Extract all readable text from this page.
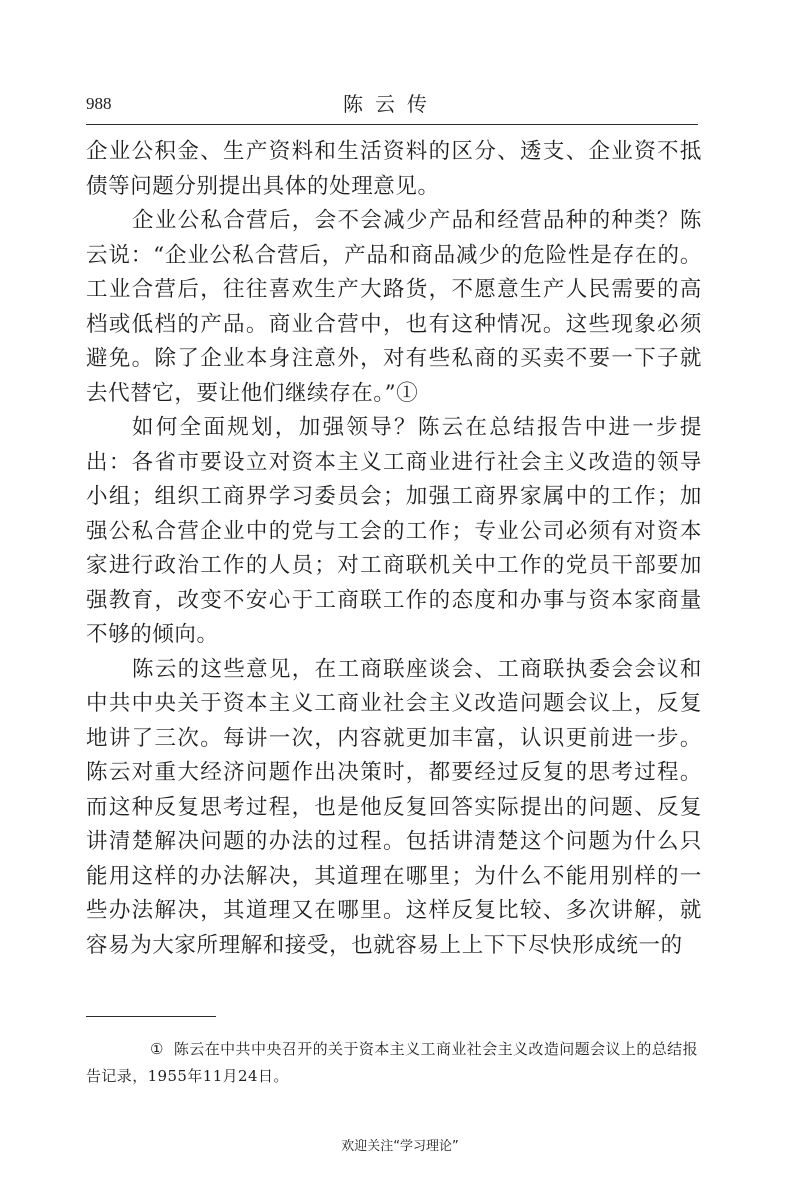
988	陈云传

企业公积金、生产资料和生活资料的区分、透支、企业资不抵债等问题分别提出具体的处理意见。

企业公私合营后，会不会减少产品和经营品种的种类？陈云说：“企业公私合营后，产品和商品减少的危险性是存在的。工业合营后，往往喜欢生产大路货，不愿意生产人民需要的高档或低档的产品。商业合营中，也有这种情况。这些现象必须避免。除了企业本身注意外，对有些私商的买卖不要一下子就去代替它，要让他们继续存在。”①

如何全面规划，加强领导？陈云在总结报告中进一步提出：各省市要设立对资本主义工商业进行社会主义改造的领导小组；组织工商界学习委员会；加强工商界家属中的工作；加强公私合营企业中的党与工会的工作；专业公司必须有对资本家进行政治工作的人员；对工商联机关中工作的党员干部要加强教育，改变不安心于工商联工作的态度和办事与资本家商量不够的倾向。

陈云的这些意见，在工商联座谈会、工商联执委会会议和中共中央关于资本主义工商业社会主义改造问题会议上，反复地讲了三次。每讲一次，内容就更加丰富，认识更前进一步。陈云对重大经济问题作出决策时，都要经过反复的思考过程。而这种反复思考过程，也是他反复回答实际提出的问题、反复讲清楚解决问题的办法的过程。包括讲清楚这个问题为什么只能用这样的办法解决，其道理在哪里；为什么不能用别样的一些办法解决，其道理又在哪里。这样反复比较、多次讲解，就容易为大家所理解和接受，也就容易上上下下尽快形成统一的

① 陈云在中共中央召开的关于资本主义工商业社会主义改造问题会议上的总结报告记录，1955年11月24日。

欢迎关注“学习理论”
